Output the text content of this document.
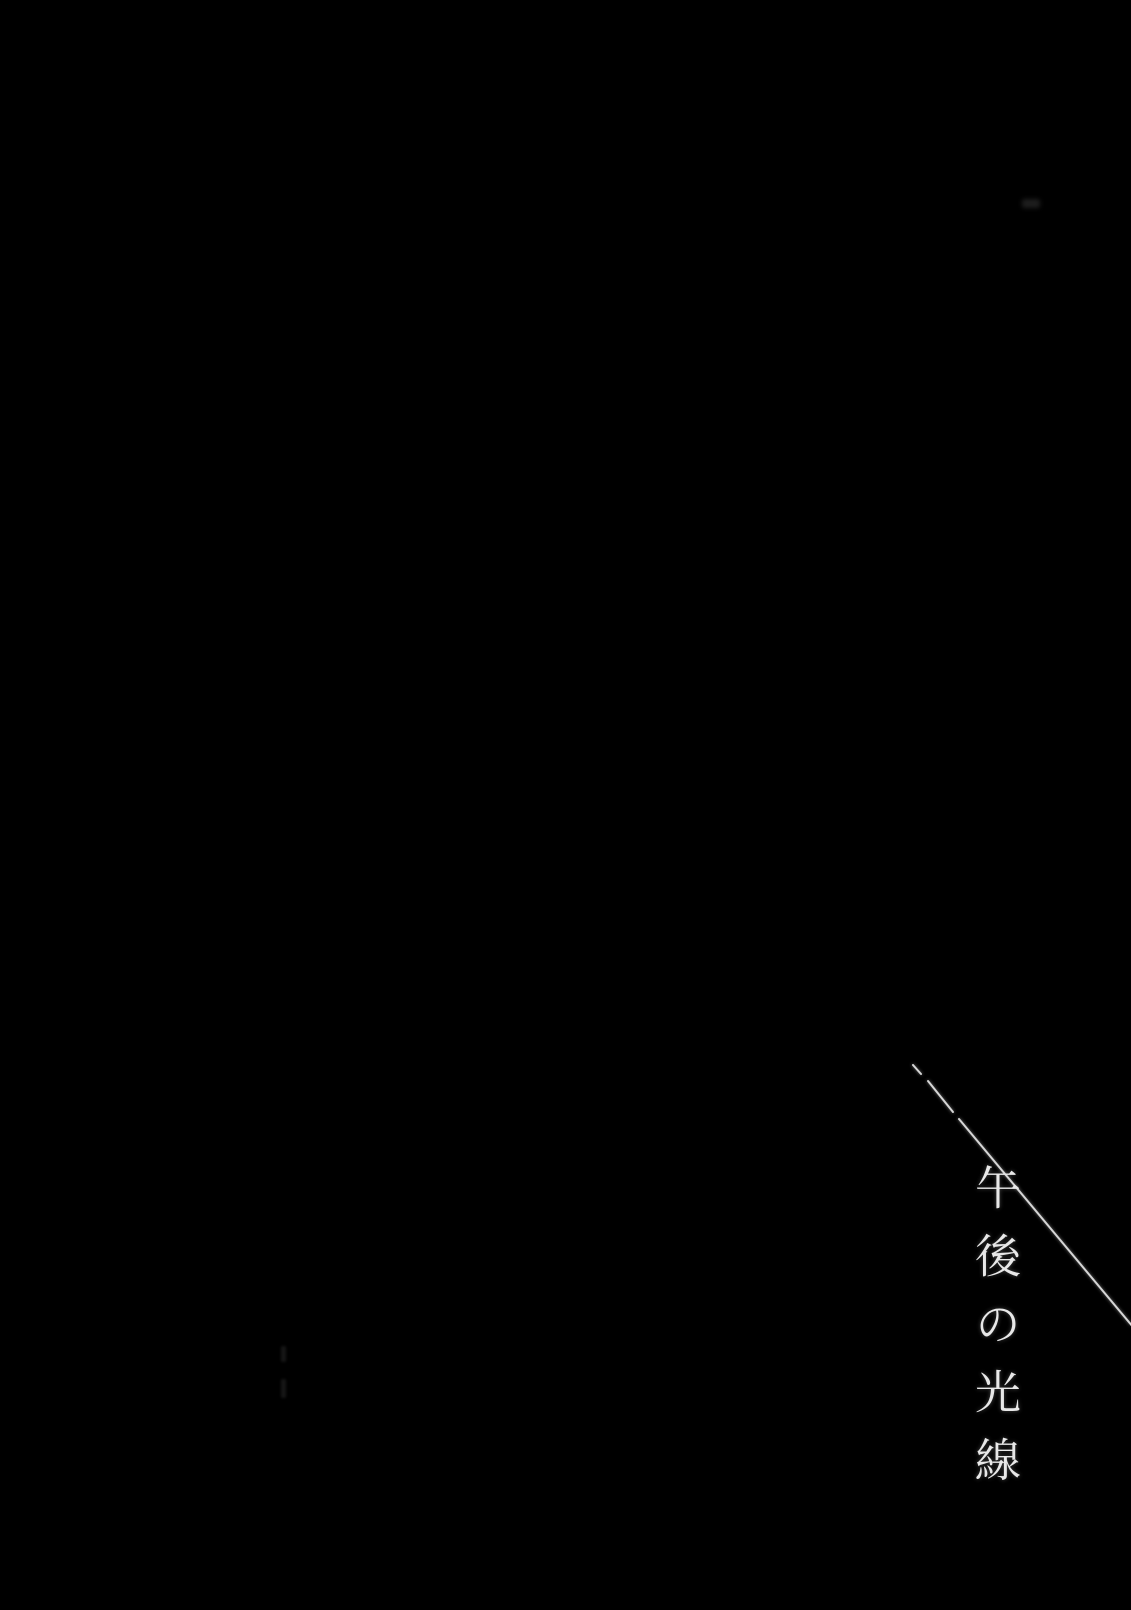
午後の光線
